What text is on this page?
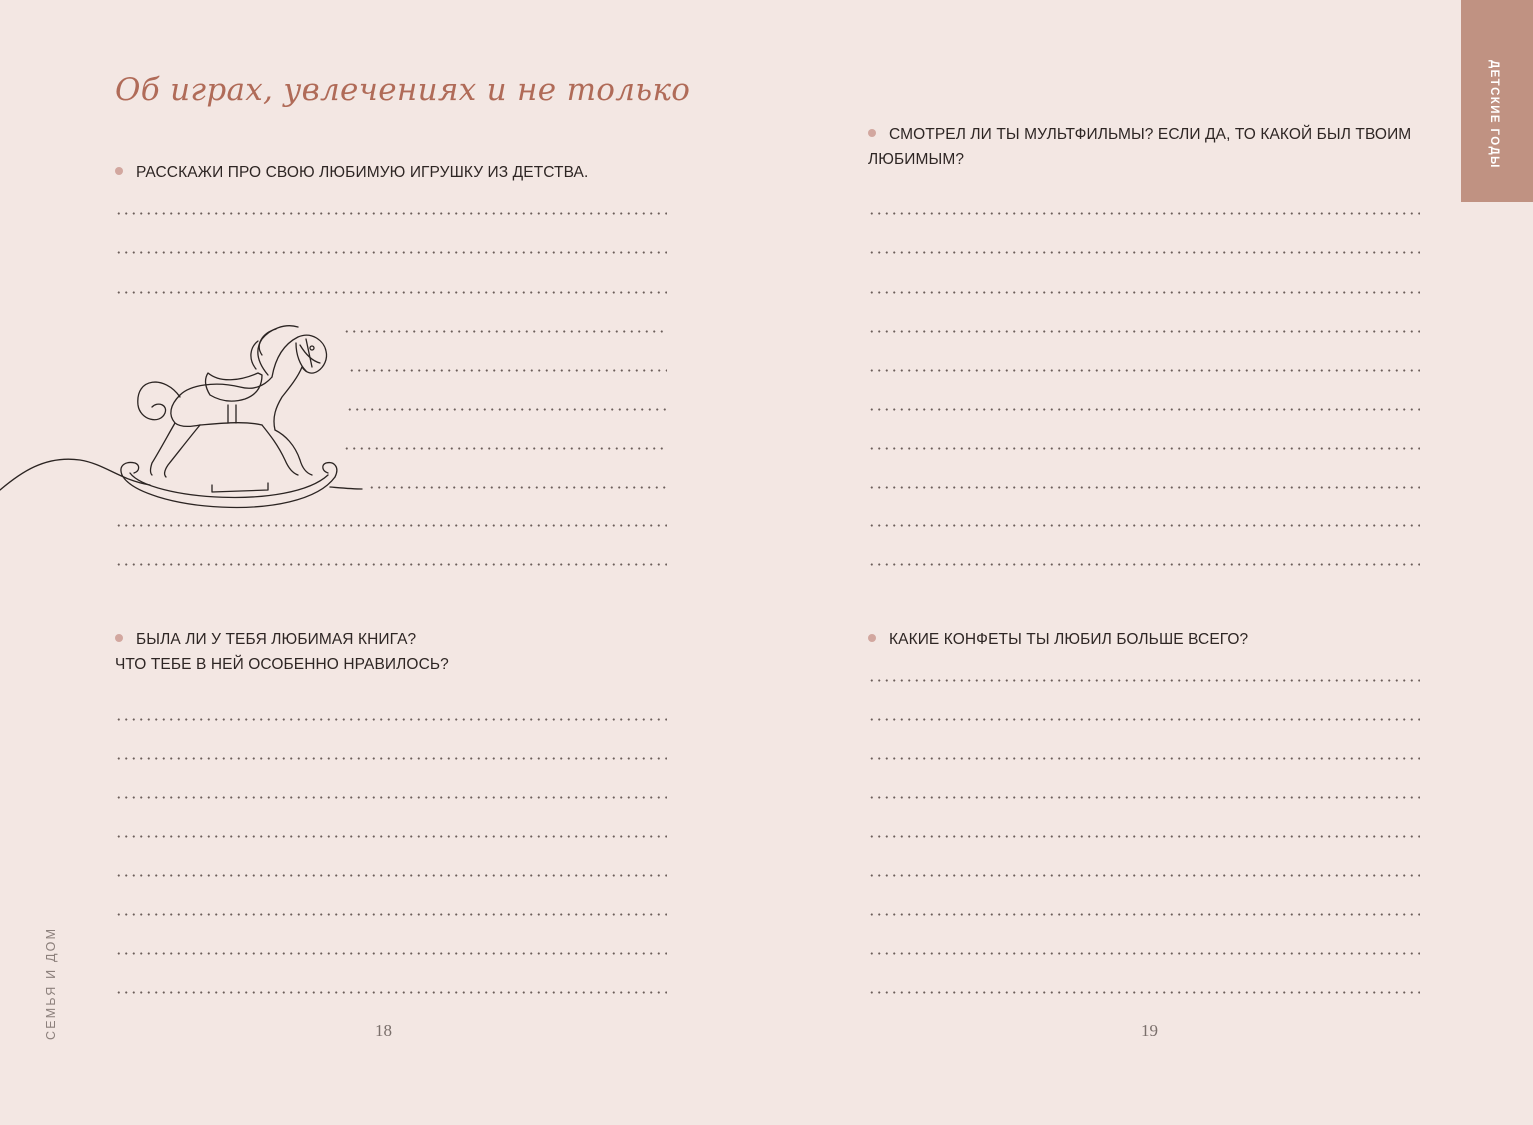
Об играх, увлечениях и не только

РАССКАЖИ ПРО СВОЮ ЛЮБИМУЮ ИГРУШКУ ИЗ ДЕТСТВА.

СМОТРЕЛ ЛИ ТЫ МУЛЬТФИЛЬМЫ? ЕСЛИ ДА, ТО КАКОЙ БЫЛ ТВОИМ ЛЮБИМЫМ?

БЫЛА ЛИ У ТЕБЯ ЛЮБИМАЯ КНИГА?
ЧТО ТЕБЕ В НЕЙ ОСОБЕННО НРАВИЛОСЬ?

КАКИЕ КОНФЕТЫ ТЫ ЛЮБИЛ БОЛЬШЕ ВСЕГО?

ДЕТСКИЕ ГОДЫ
СЕМЬЯ И ДОМ	18	19
